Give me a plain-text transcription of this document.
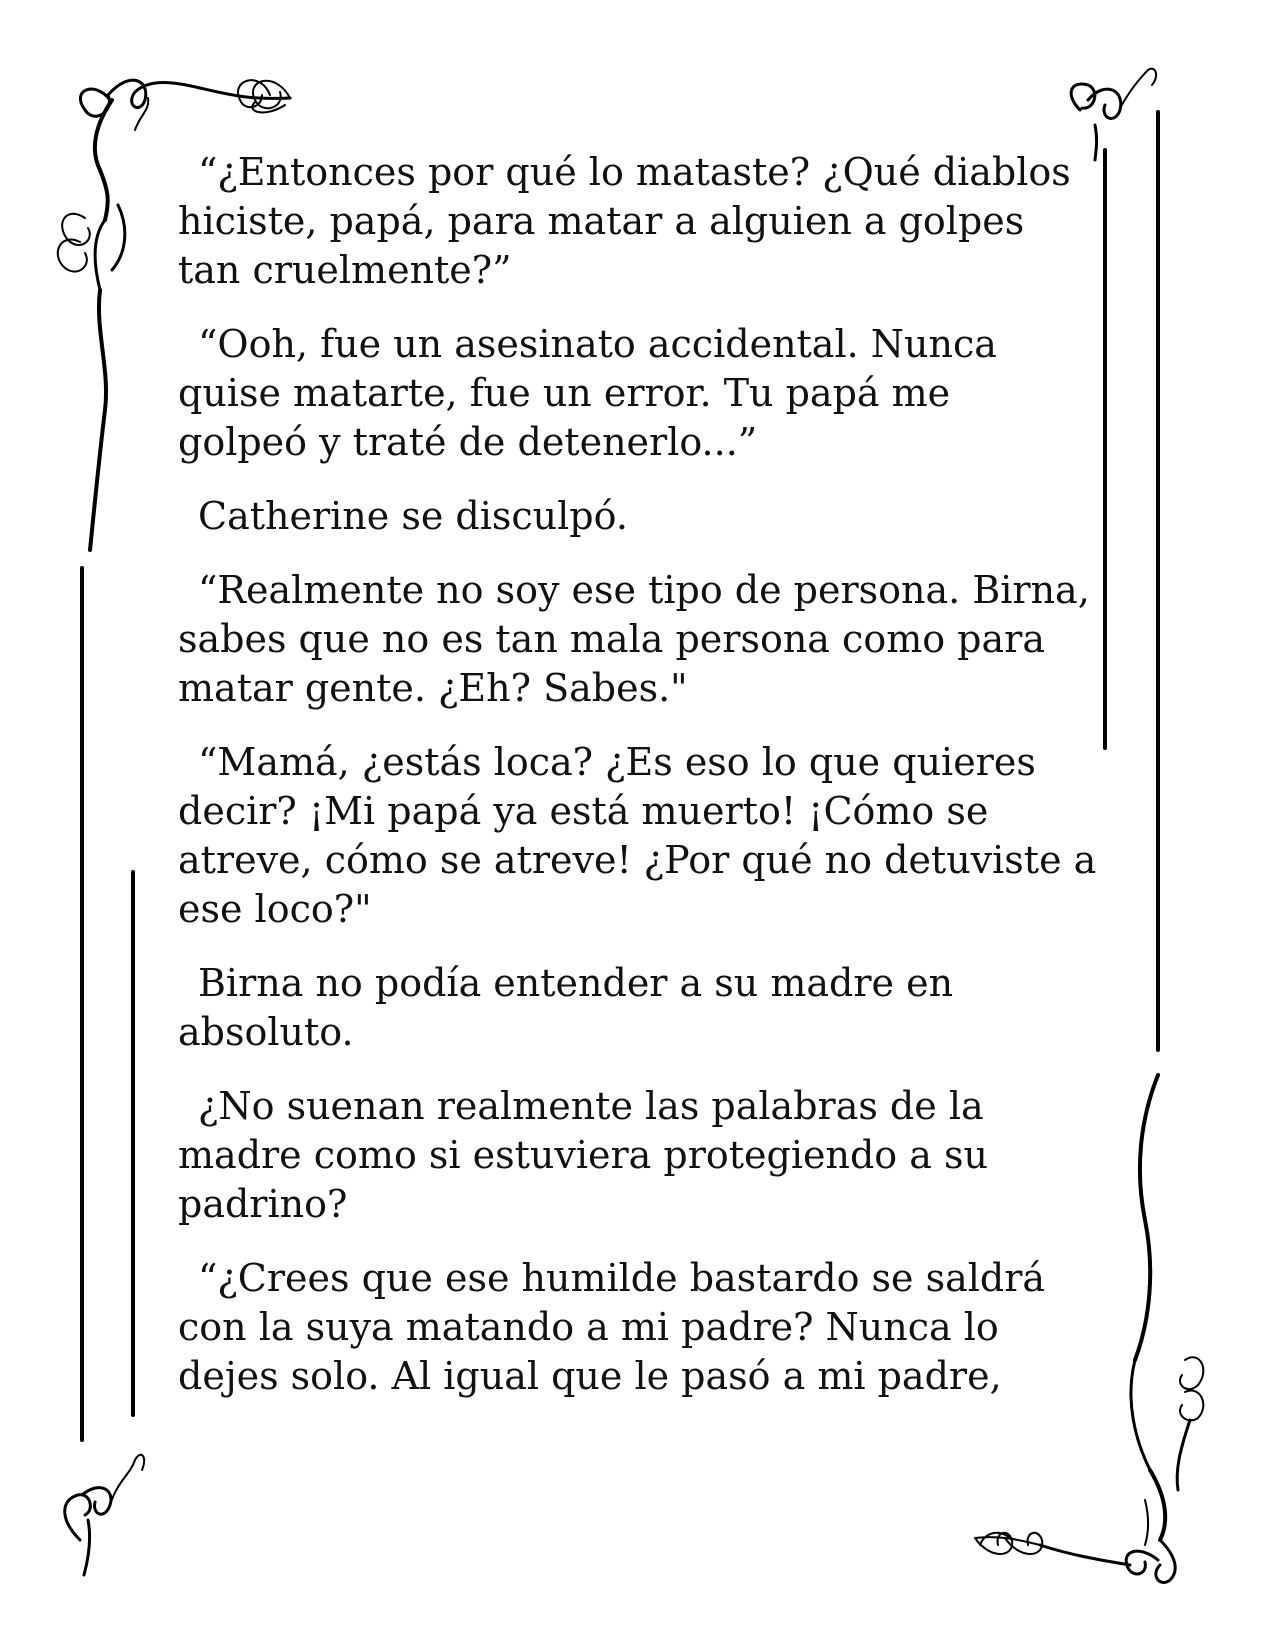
“¿Entonces por qué lo mataste? ¿Qué diablos
hiciste, papá, para matar a alguien a golpes
tan cruelmente?”

“Ooh, fue un asesinato accidental. Nunca
quise matarte, fue un error. Tu papá me
golpeó y traté de detenerlo...”

Catherine se disculpó.

“Realmente no soy ese tipo de persona. Birna,
sabes que no es tan mala persona como para
matar gente. ¿Eh? Sabes."

“Mamá, ¿estás loca? ¿Es eso lo que quieres
decir? ¡Mi papá ya está muerto! ¡Cómo se
atreve, cómo se atreve! ¿Por qué no detuviste a
ese loco?"

Birna no podía entender a su madre en
absoluto.

¿No suenan realmente las palabras de la
madre como si estuviera protegiendo a su
padrino?

“¿Crees que ese humilde bastardo se saldrá
con la suya matando a mi padre? Nunca lo
dejes solo. Al igual que le pasó a mi padre,
